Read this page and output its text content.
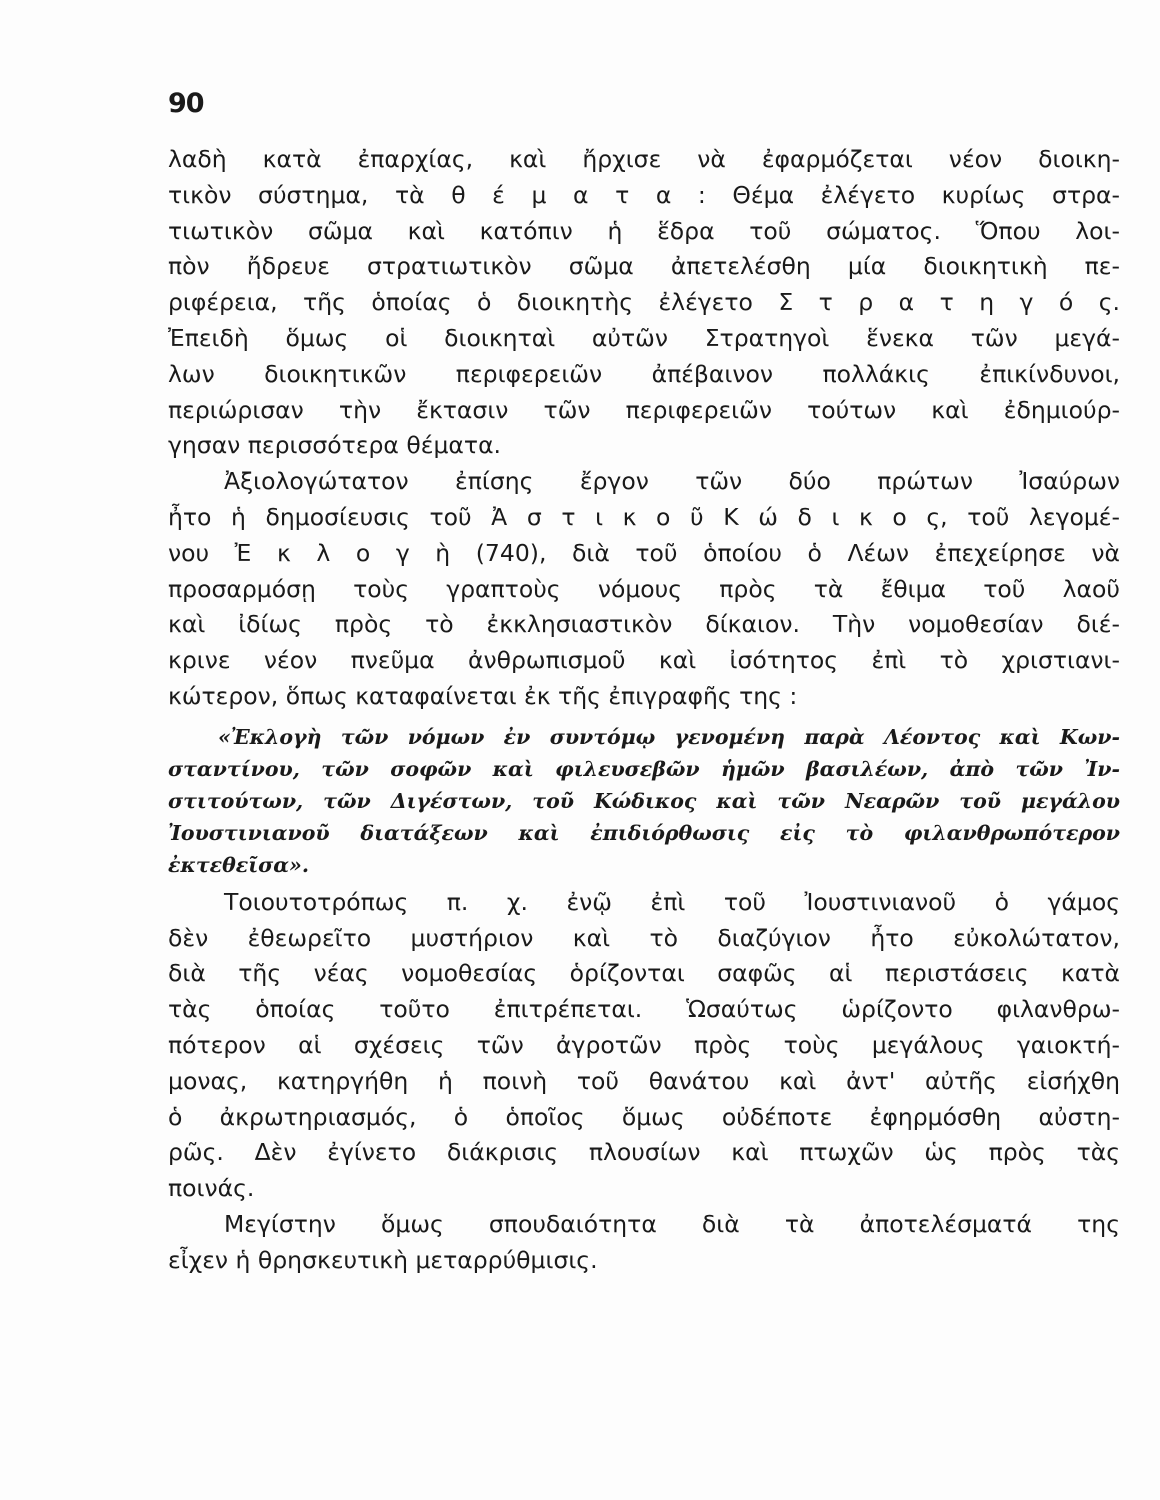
90
λαδὴ κατὰ ἐπαρχίας, καὶ ἤρχισε νὰ ἐφαρμόζεται νέον διοικη-
τικὸν σύστημα, τὰ θ έ μ α τ α : Θέμα ἐλέγετο κυρίως στρα-
τιωτικὸν σῶμα καὶ κατόπιν ἡ ἕδρα τοῦ σώματος. Ὅπου λοι-
πὸν ἤδρευε στρατιωτικὸν σῶμα ἀπετελέσθη μία διοικητικὴ πε-
ριφέρεια, τῆς ὁποίας ὁ διοικητὴς ἐλέγετο Σ τ ρ α τ η γ ό ς.
Ἐπειδὴ ὅμως οἱ διοικηταὶ αὐτῶν Στρατηγοὶ ἕνεκα τῶν μεγά-
λων διοικητικῶν περιφερειῶν ἀπέβαινον πολλάκις ἐπικίνδυνοι,
περιώρισαν τὴν ἔκτασιν τῶν περιφερειῶν τούτων καὶ ἐδημιούρ-
γησαν περισσότερα θέματα.
Ἀξιολογώτατον ἐπίσης ἔργον τῶν δύο πρώτων Ἰσαύρων
ἦτο ἡ δημοσίευσις τοῦ Ἀ σ τ ι κ ο ῦ Κ ώ δ ι κ ο ς, τοῦ λεγομέ-
νου Ἐ κ λ ο γ ὴ (740), διὰ τοῦ ὁποίου ὁ Λέων ἐπεχείρησε νὰ
προσαρμόσῃ τοὺς γραπτοὺς νόμους πρὸς τὰ ἔθιμα τοῦ λαοῦ
καὶ ἰδίως πρὸς τὸ ἐκκλησιαστικὸν δίκαιον. Τὴν νομοθεσίαν διέ-
κρινε νέον πνεῦμα ἀνθρωπισμοῦ καὶ ἰσότητος ἐπὶ τὸ χριστιανι-
κώτερον, ὅπως καταφαίνεται ἐκ τῆς ἐπιγραφῆς της :
«Ἐκλογὴ τῶν νόμων ἐν συντόμῳ γενομένη παρὰ Λέοντος καὶ Κων-
σταντίνου, τῶν σοφῶν καὶ φιλευσεβῶν ἡμῶν βασιλέων, ἀπὸ τῶν Ἰν-
στιτούτων, τῶν Διγέστων, τοῦ Κώδικος καὶ τῶν Νεαρῶν τοῦ μεγάλου
Ἰουστινιανοῦ διατάξεων καὶ ἐπιδιόρθωσις εἰς τὸ φιλανθρωπότερον
ἐκτεθεῖσα».
Τοιουτοτρόπως π. χ. ἐνῷ ἐπὶ τοῦ Ἰουστινιανοῦ ὁ γάμος
δὲν ἐθεωρεῖτο μυστήριον καὶ τὸ διαζύγιον ἦτο εὐκολώτατον,
διὰ τῆς νέας νομοθεσίας ὁρίζονται σαφῶς αἱ περιστάσεις κατὰ
τὰς ὁποίας τοῦτο ἐπιτρέπεται. Ὡσαύτως ὡρίζοντο φιλανθρω-
πότερον αἱ σχέσεις τῶν ἀγροτῶν πρὸς τοὺς μεγάλους γαιοκτή-
μονας, κατηργήθη ἡ ποινὴ τοῦ θανάτου καὶ ἀντ' αὐτῆς εἰσήχθη
ὁ ἀκρωτηριασμός, ὁ ὁποῖος ὅμως οὐδέποτε ἐφηρμόσθη αὐστη-
ρῶς. Δὲν ἐγίνετο διάκρισις πλουσίων καὶ πτωχῶν ὡς πρὸς τὰς
ποινάς.
Μεγίστην ὅμως σπουδαιότητα διὰ τὰ ἀποτελέσματά της
εἶχεν ἡ θρησκευτικὴ μεταρρύθμισις.
